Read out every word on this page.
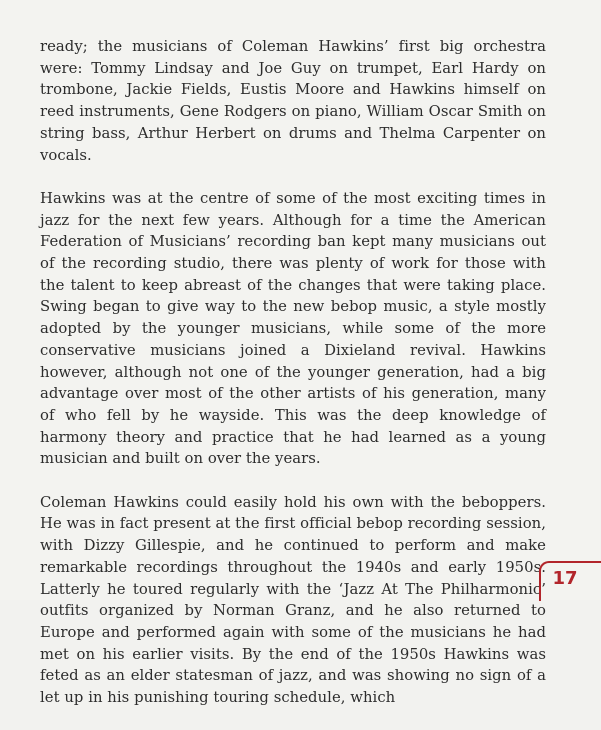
ready; the musicians of Coleman Hawkins’ first big orchestra were: Tommy Lindsay and Joe Guy on trumpet, Earl Hardy on trombone, Jackie Fields, Eustis Moore and Hawkins himself on reed instruments, Gene Rodgers on piano, William Oscar Smith on string bass, Arthur Herbert on drums and Thelma Carpenter on vocals.

Hawkins was at the centre of some of the most exciting times in jazz for the next few years. Although for a time the American Federation of Musicians’ recording ban kept many musicians out of the recording studio, there was plenty of work for those with the talent to keep abreast of the changes that were taking place. Swing began to give way to the new bebop music, a style mostly adopted by the younger musicians, while some of the more conservative musicians joined a Dixieland revival. Hawkins however, although not one of the younger generation, had a big advantage over most of the other artists of his generation, many of who fell by he wayside. This was the deep knowledge of harmony theory and practice that he had learned as a young musician and built on over the years.

Coleman Hawkins could easily hold his own with the beboppers. He was in fact present at the first official bebop recording session, with Dizzy Gillespie, and he continued to perform and make remarkable recordings throughout the 1940s and early 1950s. Latterly he toured regularly with the ‘Jazz At The Philharmonic’ outfits organized by Norman Granz, and he also returned to Europe and performed again with some of the musicians he had met on his earlier visits. By the end of the 1950s Hawkins was feted as an elder statesman of jazz, and was showing no sign of a let up in his punishing touring schedule, which

17
